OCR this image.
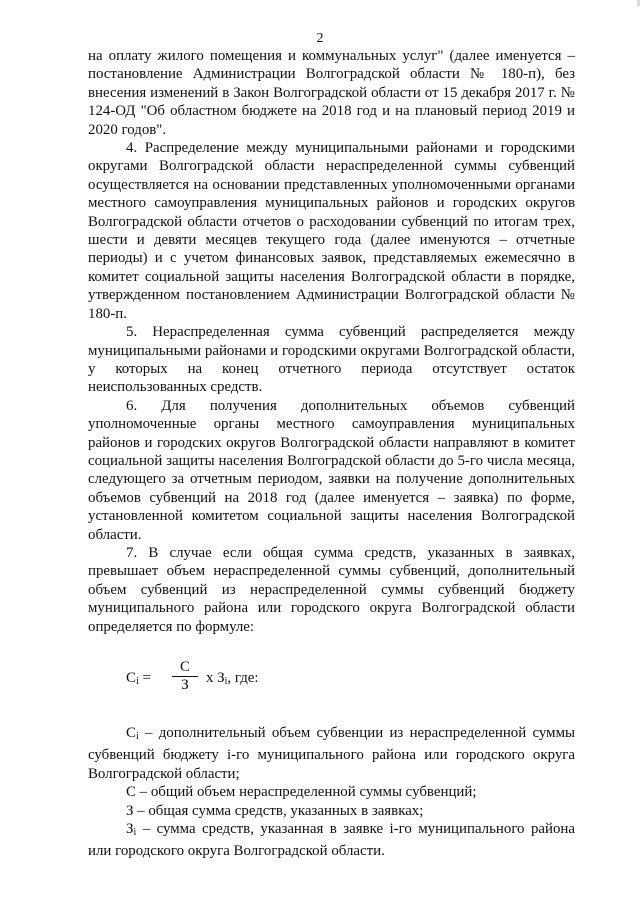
2

на оплату жилого помещения и коммунальных услуг" (далее именуется – постановление Администрации Волгоградской области № 180-п), без внесения изменений в Закон Волгоградской области от 15 декабря 2017 г. № 124-ОД "Об областном бюджете на 2018 год и на плановый период 2019 и 2020 годов".

4. Распределение между муниципальными районами и городскими округами Волгоградской области нераспределенной суммы субвенций осуществляется на основании представленных уполномоченными органами местного самоуправления муниципальных районов и городских округов Волгоградской области отчетов о расходовании субвенций по итогам трех, шести и девяти месяцев текущего года (далее именуются – отчетные периоды) и с учетом финансовых заявок, представляемых ежемесячно в комитет социальной защиты населения Волгоградской области в порядке, утвержденном постановлением Администрации Волгоградской области № 180-п.

5. Нераспределенная сумма субвенций распределяется между муниципальными районами и городскими округами Волгоградской области, у которых на конец отчетного периода отсутствует остаток неиспользованных средств.

6. Для получения дополнительных объемов субвенций уполномоченные органы местного самоуправления муниципальных районов и городских округов Волгоградской области направляют в комитет социальной защиты населения Волгоградской области до 5-го числа месяца, следующего за отчетным периодом, заявки на получение дополнительных объемов субвенций на 2018 год (далее именуется – заявка) по форме, установленной комитетом социальной защиты населения Волгоградской области.

7. В случае если общая сумма средств, указанных в заявках, превышает объем нераспределенной суммы субвенций, дополнительный объем субвенций из нераспределенной суммы субвенций бюджету муниципального района или городского округа Волгоградской области определяется по формуле:

$C_i$ =
C
З	x $З_i$, где:

$С_i$ – дополнительный объем субвенции из нераспределенной суммы субвенций бюджету i-го муниципального района или городского округа Волгоградской области;

С – общий объем нераспределенной суммы субвенций;

З – общая сумма средств, указанных в заявках;

$З_i$ – сумма средств, указанная в заявке i-го муниципального района или городского округа Волгоградской области.
